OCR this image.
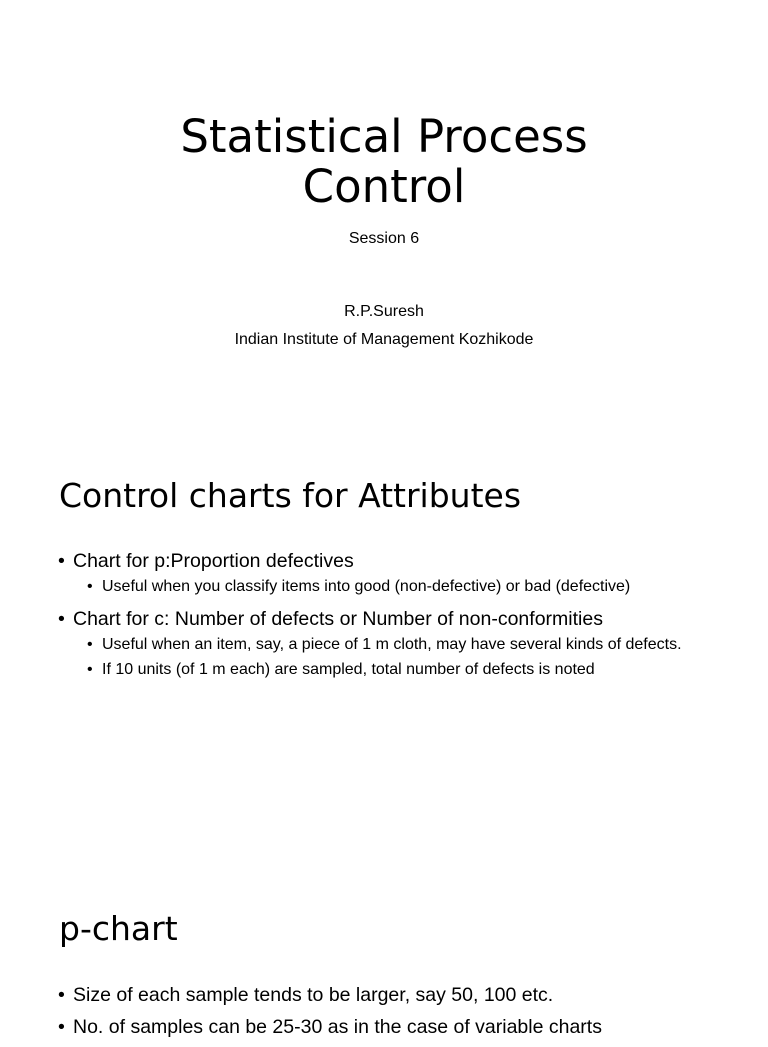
Statistical Process
Control
Session 6
R.P.Suresh
Indian Institute of Management Kozhikode
Control charts for Attributes
• Chart for p:Proportion defectives
• Useful when you classify items into good (non-defective) or bad (defective)
• Chart for c: Number of defects or Number of non-conformities
• Useful when an item, say, a piece of 1 m cloth, may have several kinds of defects.
• If 10 units (of 1 m each) are sampled, total number of defects is noted
p-chart
• Size of each sample tends to be larger, say 50, 100 etc.
• No. of samples can be 25-30 as in the case of variable charts
